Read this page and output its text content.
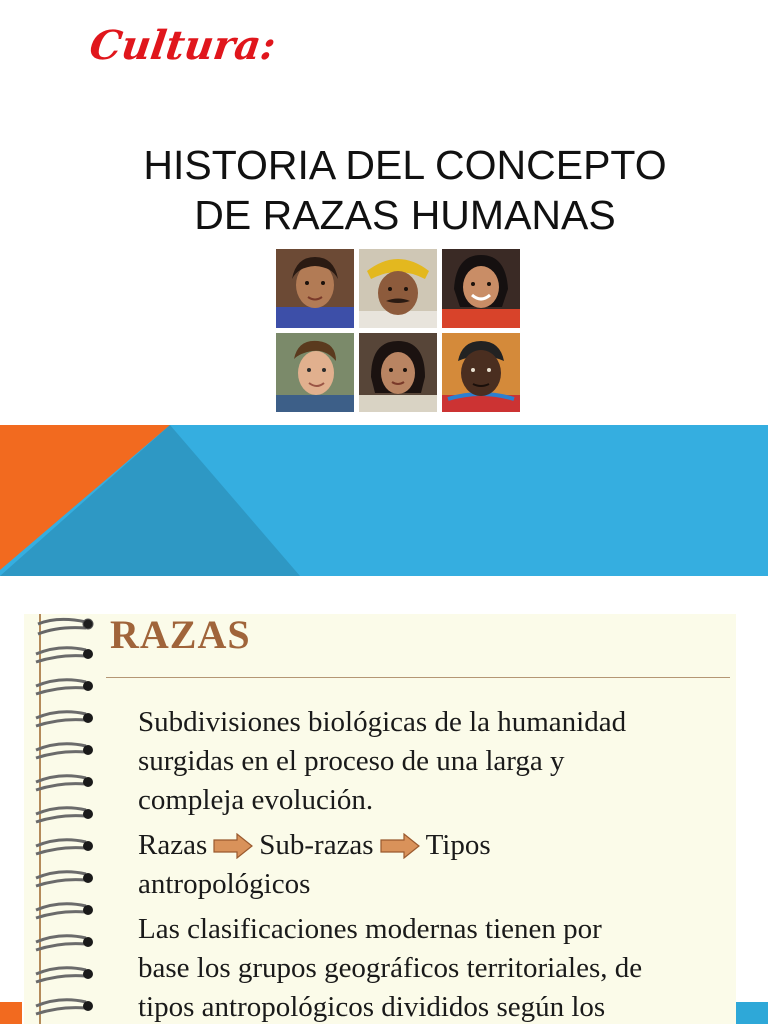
Cultura:
HISTORIA DEL CONCEPTO
DE RAZAS HUMANAS
RAZAS
Subdivisiones biológicas de la humanidad
surgidas en el proceso de una larga y
compleja evolución.
Razas Sub-razas Tipos
antropológicos
Las clasificaciones modernas tienen por
base los grupos geográficos territoriales, de
tipos antropológicos divididos según los
